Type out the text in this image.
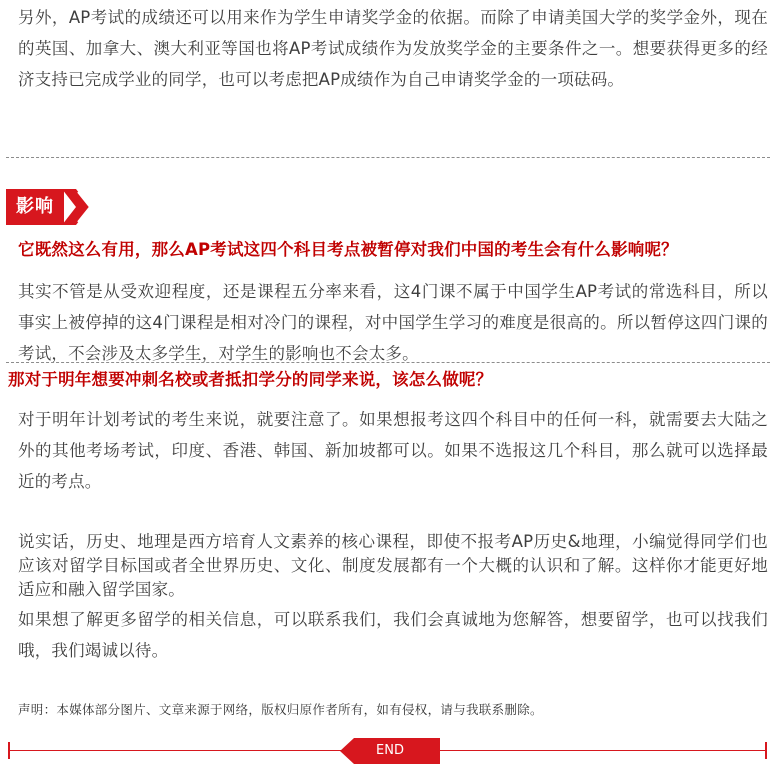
另外，AP考试的成绩还可以用来作为学生申请奖学金的依据。而除了申请美国大学的奖学金外，现在的英国、加拿大、澳大利亚等国也将AP考试成绩作为发放奖学金的主要条件之一。想要获得更多的经济支持已完成学业的同学，也可以考虑把AP成绩作为自己申请奖学金的一项砝码。

影响

它既然这么有用，那么AP考试这四个科目考点被暂停对我们中国的考生会有什么影响呢？

其实不管是从受欢迎程度，还是课程五分率来看，这4门课不属于中国学生AP考试的常选科目，所以事实上被停掉的这4门课程是相对冷门的课程，对中国学生学习的难度是很高的。所以暂停这四门课的考试，不会涉及太多学生，对学生的影响也不会太多。

那对于明年想要冲刺名校或者抵扣学分的同学来说，该怎么做呢？

对于明年计划考试的考生来说，就要注意了。如果想报考这四个科目中的任何一科，就需要去大陆之外的其他考场考试，印度、香港、韩国、新加坡都可以。如果不选报这几个科目，那么就可以选择最近的考点。

说实话，历史、地理是西方培育人文素养的核心课程，即使不报考AP历史&地理，小编觉得同学们也应该对留学目标国或者全世界历史、文化、制度发展都有一个大概的认识和了解。这样你才能更好地适应和融入留学国家。

如果想了解更多留学的相关信息，可以联系我们，我们会真诚地为您解答，想要留学，也可以找我们哦，我们竭诚以待。

声明：本媒体部分图片、文章来源于网络，版权归原作者所有，如有侵权，请与我联系删除。

END
